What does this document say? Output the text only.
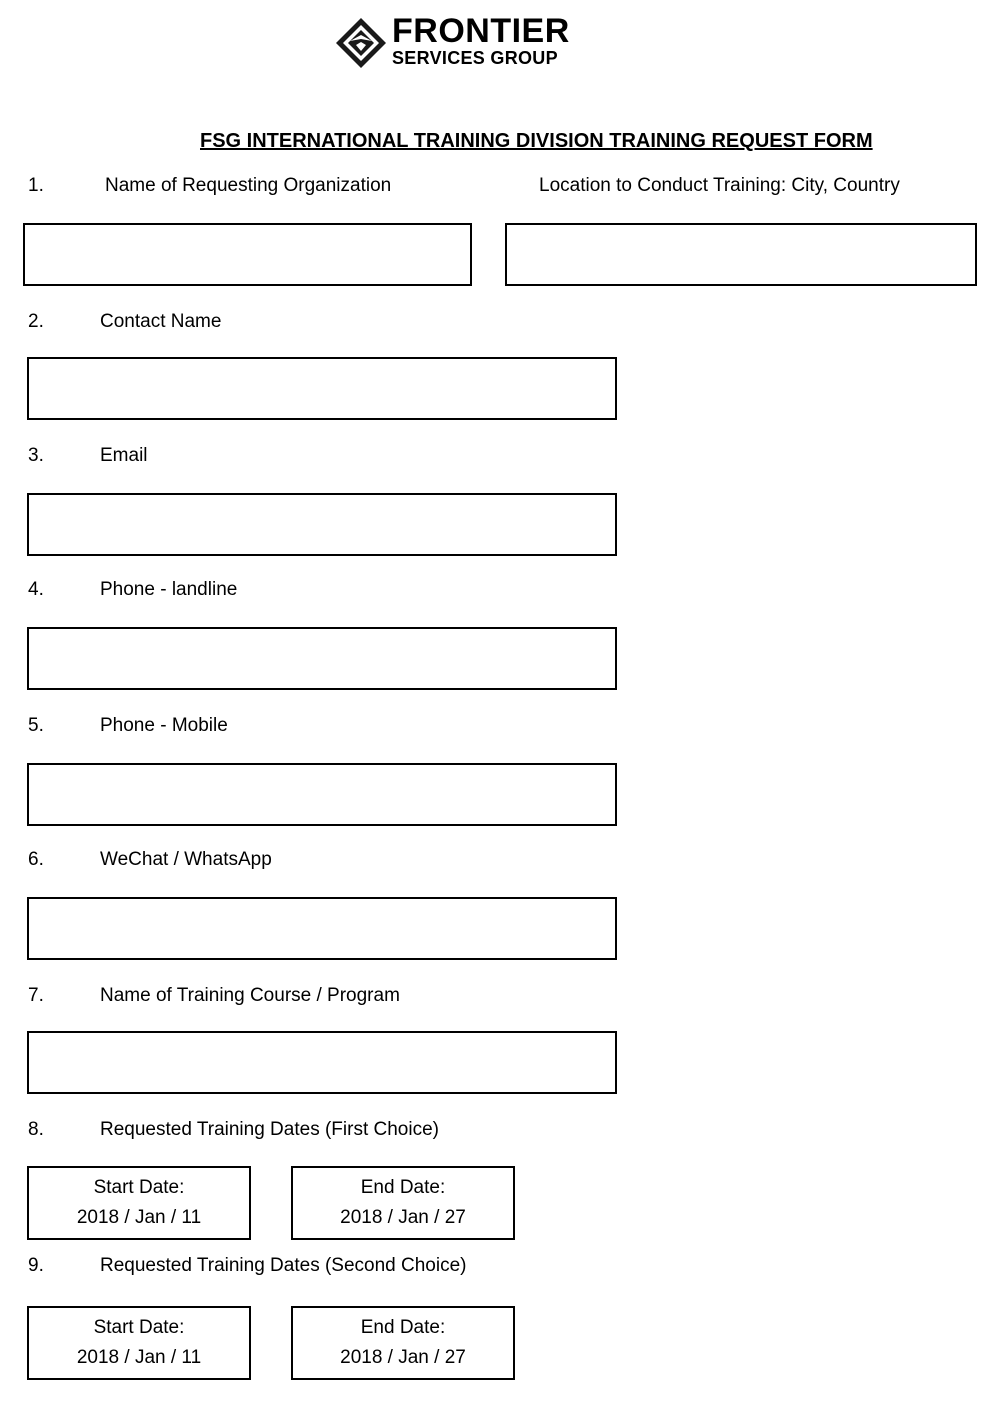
FRONTIER
SERVICES GROUP
FSG INTERNATIONAL TRAINING DIVISION TRAINING REQUEST FORM
1.	Name of Requesting Organization	Location to Conduct Training: City, Country
2.	Contact Name
3.	Email
4.	Phone - landline
5.	Phone - Mobile
6.	WeChat / WhatsApp
7.	Name of Training Course / Program
8.	Requested Training Dates (First Choice)
Start Date:
2018 / Jan / 11
End Date:
2018 / Jan / 27
9.	Requested Training Dates (Second Choice)
Start Date:
2018 / Jan / 11
End Date:
2018 / Jan / 27
